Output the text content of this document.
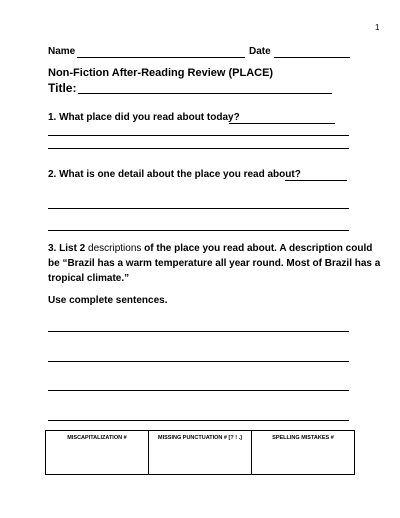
1
Name	Date
Non-Fiction After-Reading Review (PLACE)
Title:
1. What place did you read about today?
2. What is one detail about the place you read about?
3. List 2 descriptions of the place you read about. A description could
be “Brazil has a warm temperature all year round. Most of Brazil has a
tropical climate.”
Use complete sentences.
MISCAPITALIZATION #	MISSING PUNCTUATION # [? ! .]	SPELLING MISTAKES #
